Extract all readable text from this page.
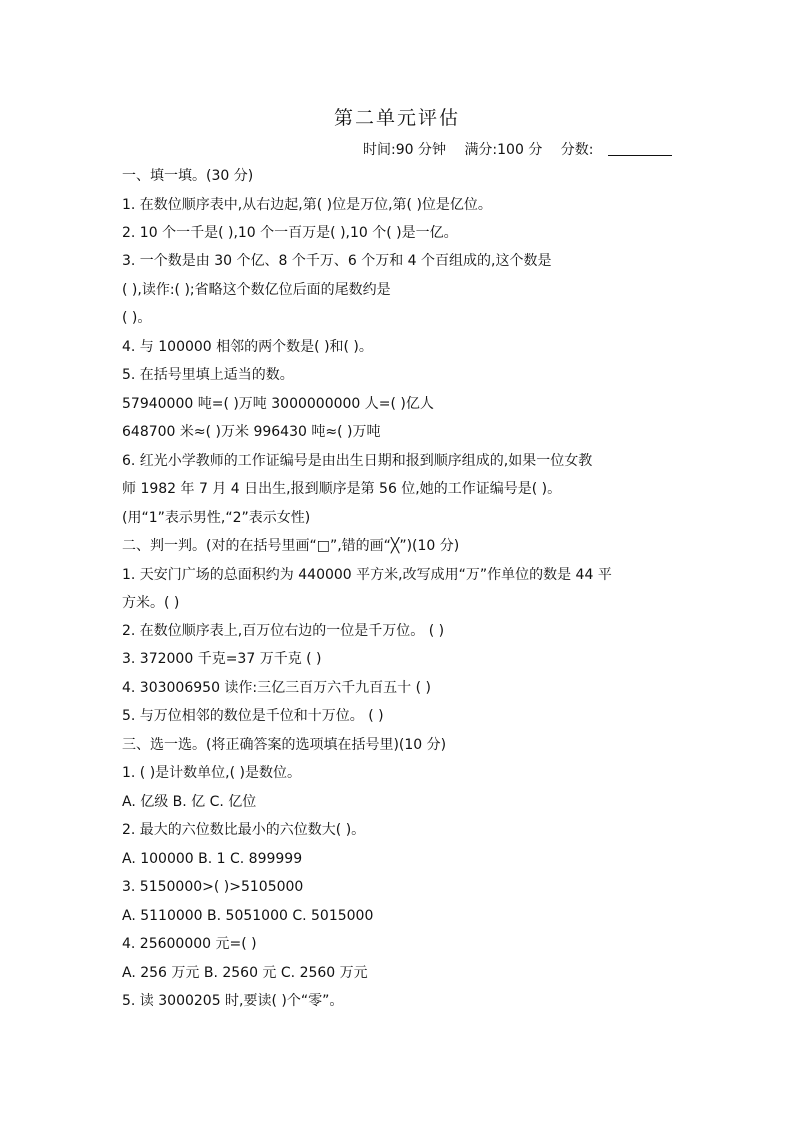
第二单元评估
时间:90 分钟 满分:100 分 分数:
一、填一填。(30 分)
1. 在数位顺序表中,从右边起,第( )位是万位,第( )位是亿位。
2. 10 个一千是( ),10 个一百万是( ),10 个( )是一亿。
3. 一个数是由 30 个亿、8 个千万、6 个万和 4 个百组成的,这个数是
( ),读作:( );省略这个数亿位后面的尾数约是
( )。
4. 与 100000 相邻的两个数是( )和( )。
5. 在括号里填上适当的数。
57940000 吨=( )万吨 3000000000 人=( )亿人
648700 米≈( )万米 996430 吨≈( )万吨
6. 红光小学教师的工作证编号是由出生日期和报到顺序组成的,如果一位女教
师 1982 年 7 月 4 日出生,报到顺序是第 56 位,她的工作证编号是( )。
(用“1”表示男性,“2”表示女性)
二、判一判。(对的在括号里画“□”,错的画“╳”)(10 分)
1. 天安门广场的总面积约为 440000 平方米,改写成用“万”作单位的数是 44 平
方米。( )
2. 在数位顺序表上,百万位右边的一位是千万位。 ( )
3. 372000 千克=37 万千克 ( )
4. 303006950 读作:三亿三百万六千九百五十 ( )
5. 与万位相邻的数位是千位和十万位。 ( )
三、选一选。(将正确答案的选项填在括号里)(10 分)
1. ( )是计数单位,( )是数位。
A. 亿级 B. 亿 C. 亿位
2. 最大的六位数比最小的六位数大( )。
A. 100000 B. 1 C. 899999
3. 5150000>( )>5105000
A. 5110000 B. 5051000 C. 5015000
4. 25600000 元=( )
A. 256 万元 B. 2560 元 C. 2560 万元
5. 读 3000205 时,要读( )个“零”。
